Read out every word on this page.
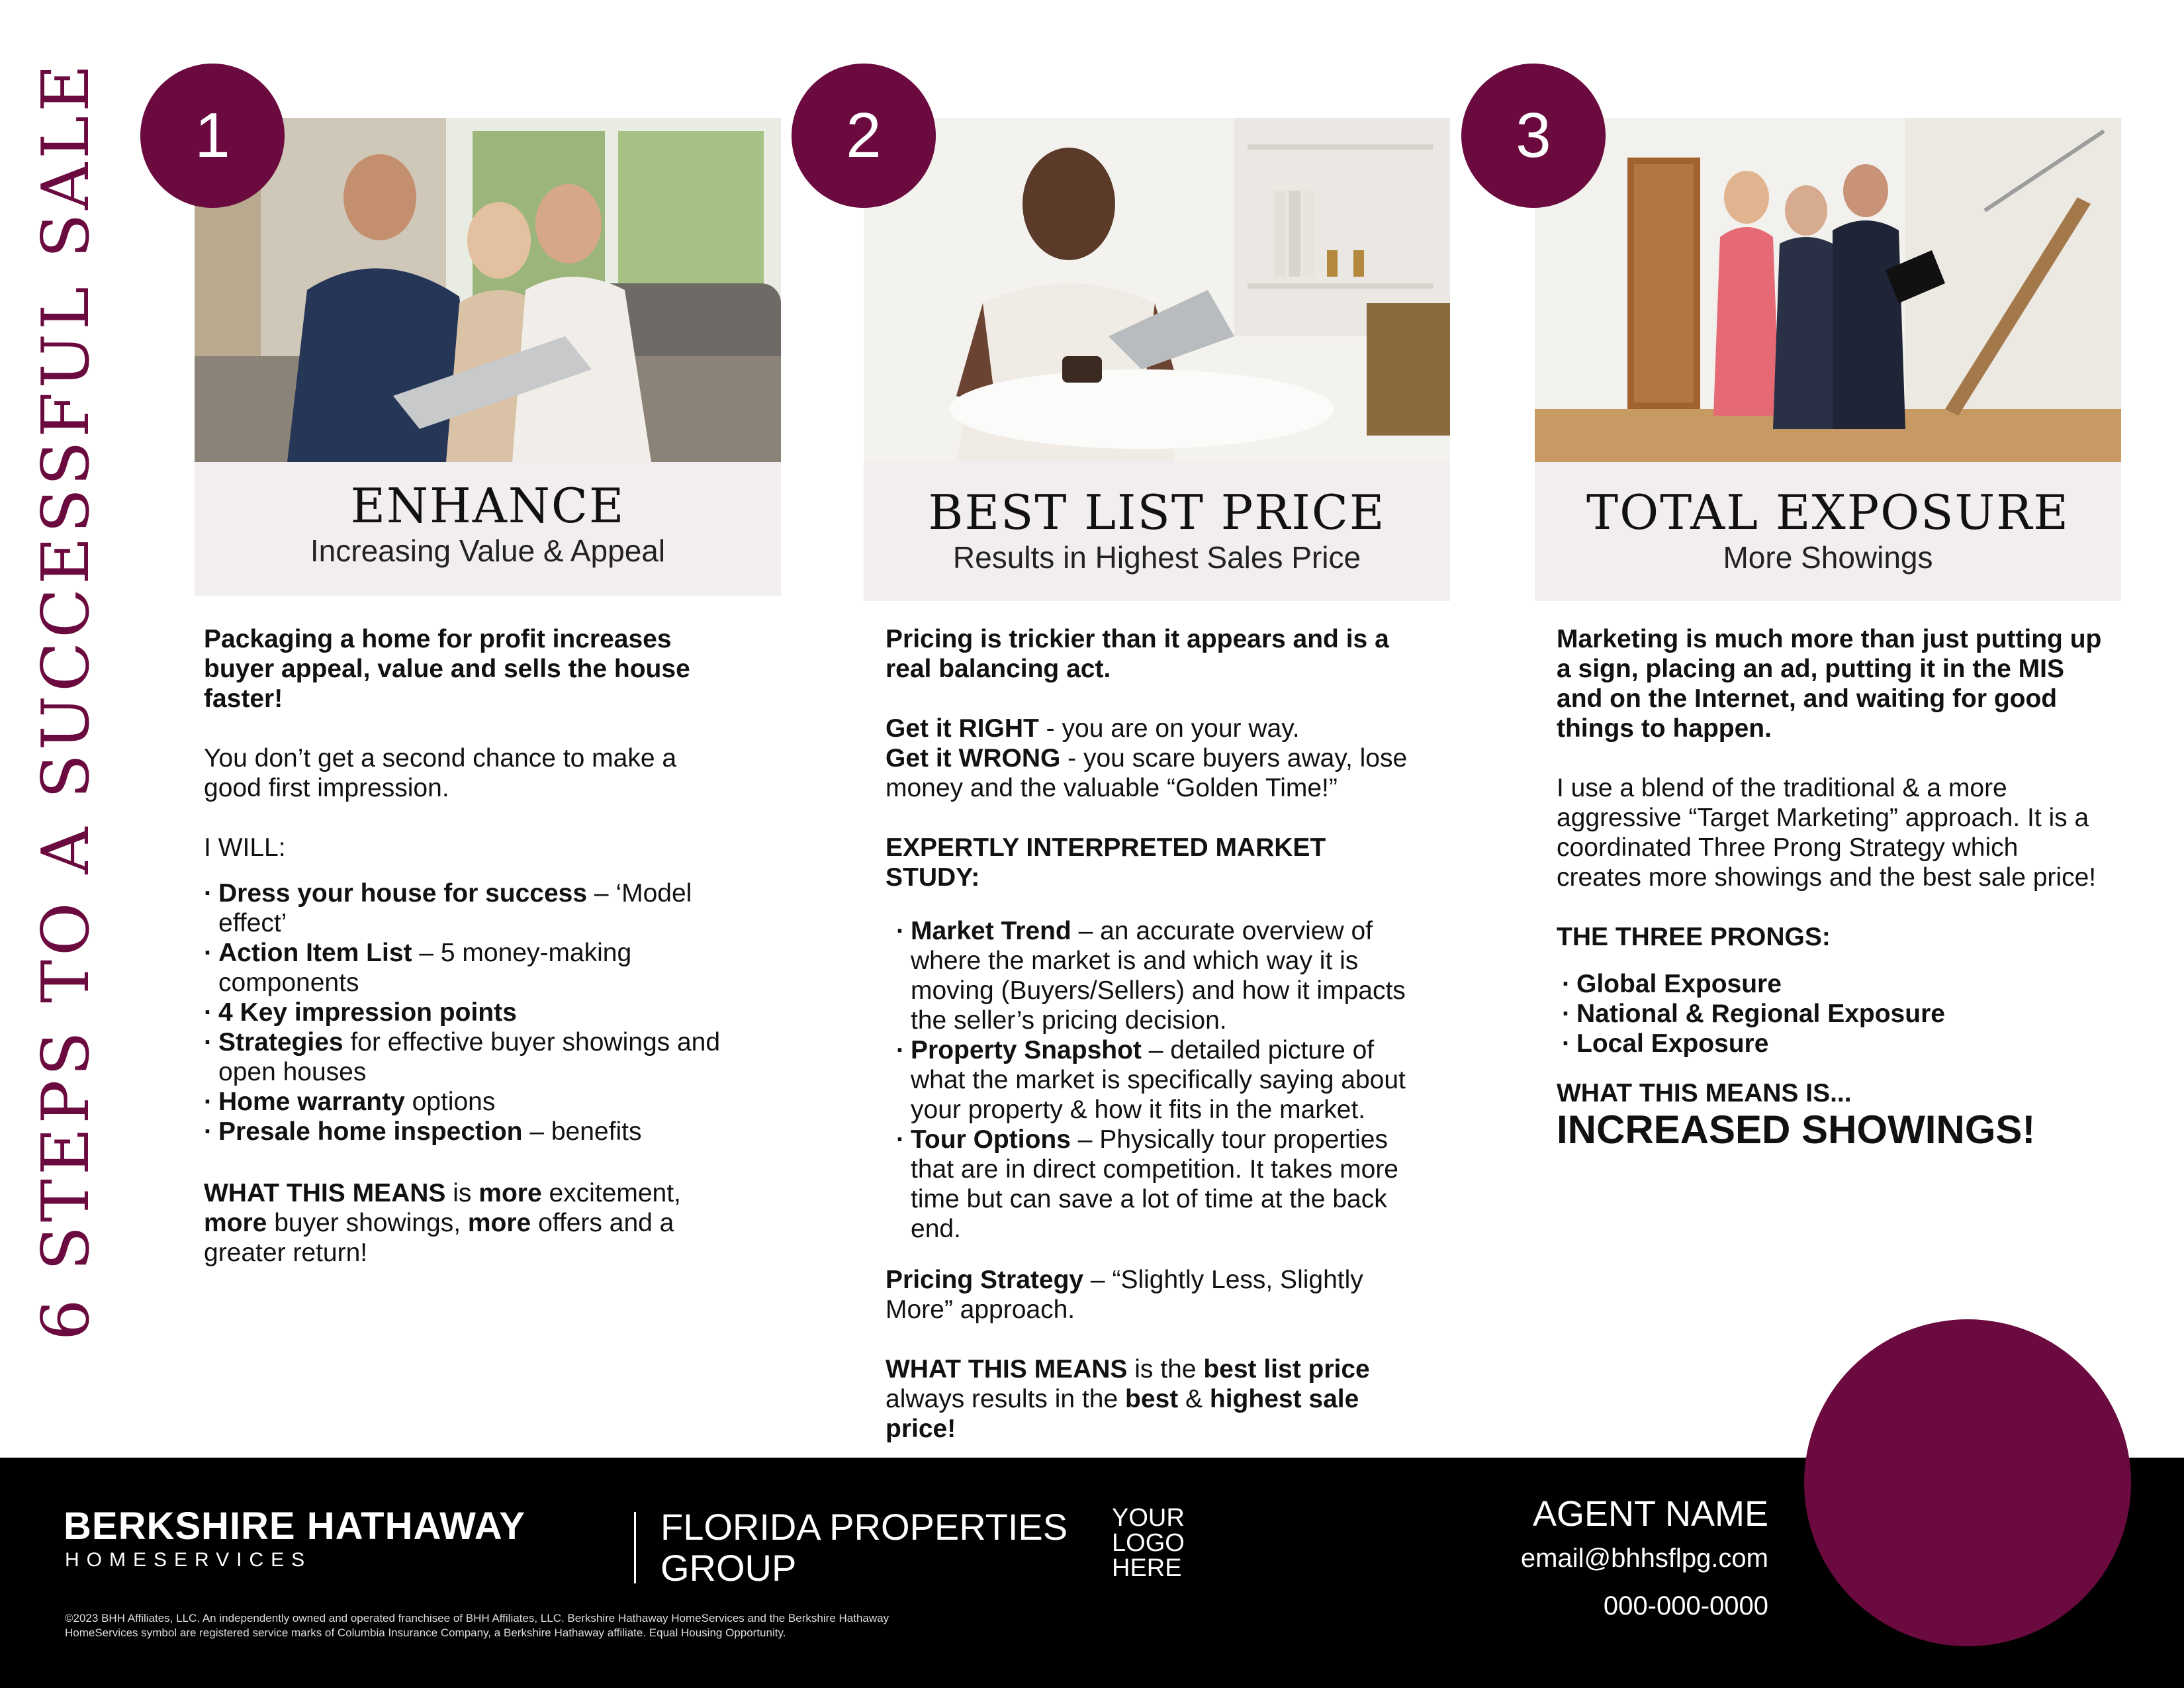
6 STEPS TO A SUCCESSFUL SALE	1
ENHANCE
Increasing Value & Appeal

Packaging a home for profit increases buyer appeal, value and sells the house faster!

You don’t get a second chance to make a good first impression.

I WILL:

· Dress your house for success – ‘Model effect’
· Action Item List – 5 money-making components
· 4 Key impression points
· Strategies for effective buyer showings and open houses
· Home warranty options
· Presale home inspection – benefits

WHAT THIS MEANS is more excitement, more buyer showings, more offers and a greater return!

2
BEST LIST PRICE
Results in Highest Sales Price

Pricing is trickier than it appears and is a real balancing act.

Get it RIGHT - you are on your way.

Get it WRONG - you scare buyers away, lose money and the valuable “Golden Time!”

EXPERTLY INTERPRETED MARKET STUDY:

· Market Trend – an accurate overview of where the market is and which way it is moving (Buyers/Sellers) and how it impacts the seller’s pricing decision.
· Property Snapshot – detailed picture of what the market is specifically saying about your property & how it fits in the market.
· Tour Options – Physically tour properties that are in direct competition. It takes more time but can save a lot of time at the back end.

Pricing Strategy – “Slightly Less, Slightly More” approach.

WHAT THIS MEANS is the best list price always results in the best & highest sale price!

3
TOTAL EXPOSURE
More Showings

Marketing is much more than just putting up a sign, placing an ad, putting it in the MIS and on the Internet, and waiting for good things to happen.

I use a blend of the traditional & a more aggressive “Target Marketing” approach. It is a coordinated Three Prong Strategy which creates more showings and the best sale price!

THE THREE PRONGS:

· Global Exposure
· National & Regional Exposure
· Local Exposure

WHAT THIS MEANS IS...

INCREASED SHOWINGS!

BERKSHIRE HATHAWAY
HOMESERVICES
FLORIDA PROPERTIES
GROUP
YOUR
LOGO
HERE
©2023 BHH Affiliates, LLC. An independently owned and operated franchisee of BHH Affiliates, LLC. Berkshire Hathaway HomeServices and the Berkshire Hathaway
HomeServices symbol are registered service marks of Columbia Insurance Company, a Berkshire Hathaway affiliate. Equal Housing Opportunity.
AGENT NAME
email@bhhsflpg.com
000-000-0000
